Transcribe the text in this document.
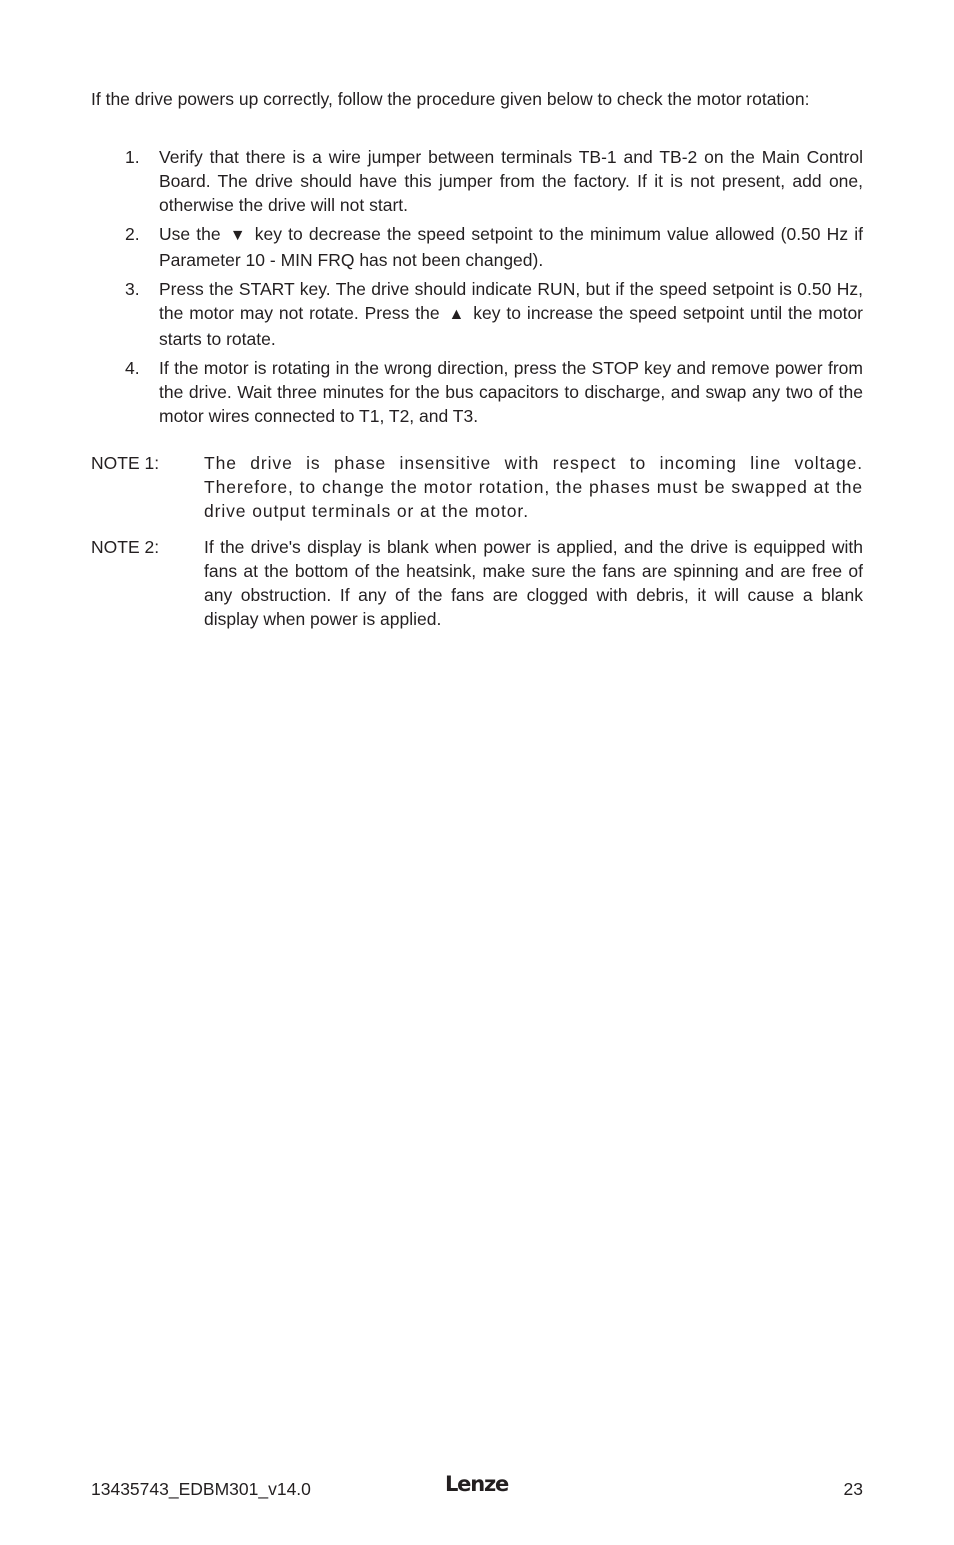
If the drive powers up correctly, follow the procedure given below to check the motor rotation:

1. Verify that there is a wire jumper between terminals TB-1 and TB-2 on the Main Control Board. The drive should have this jumper from the factory. If it is not present, add one, otherwise the drive will not start.
2. Use the ▼ key to decrease the speed setpoint to the minimum value allowed (0.50 Hz if Parameter 10 - MIN FRQ has not been changed).
3. Press the START key. The drive should indicate RUN, but if the speed setpoint is 0.50 Hz, the motor may not rotate. Press the ▲ key to increase the speed setpoint until the motor starts to rotate.
4. If the motor is rotating in the wrong direction, press the STOP key and remove power from the drive. Wait three minutes for the bus capacitors to discharge, and swap any two of the motor wires connected to T1, T2, and T3.
NOTE 1:	The drive is phase insensitive with respect to incoming line voltage. Therefore, to change the motor rotation, the phases must be swapped at the drive output terminals or at the motor.
NOTE 2:	If the drive's display is blank when power is applied, and the drive is equipped with fans at the bottom of the heatsink, make sure the fans are spinning and are free of any obstruction. If any of the fans are clogged with debris, it will cause a blank display when power is applied.
13435743_EDBM301_v14.0	Lenze	23
